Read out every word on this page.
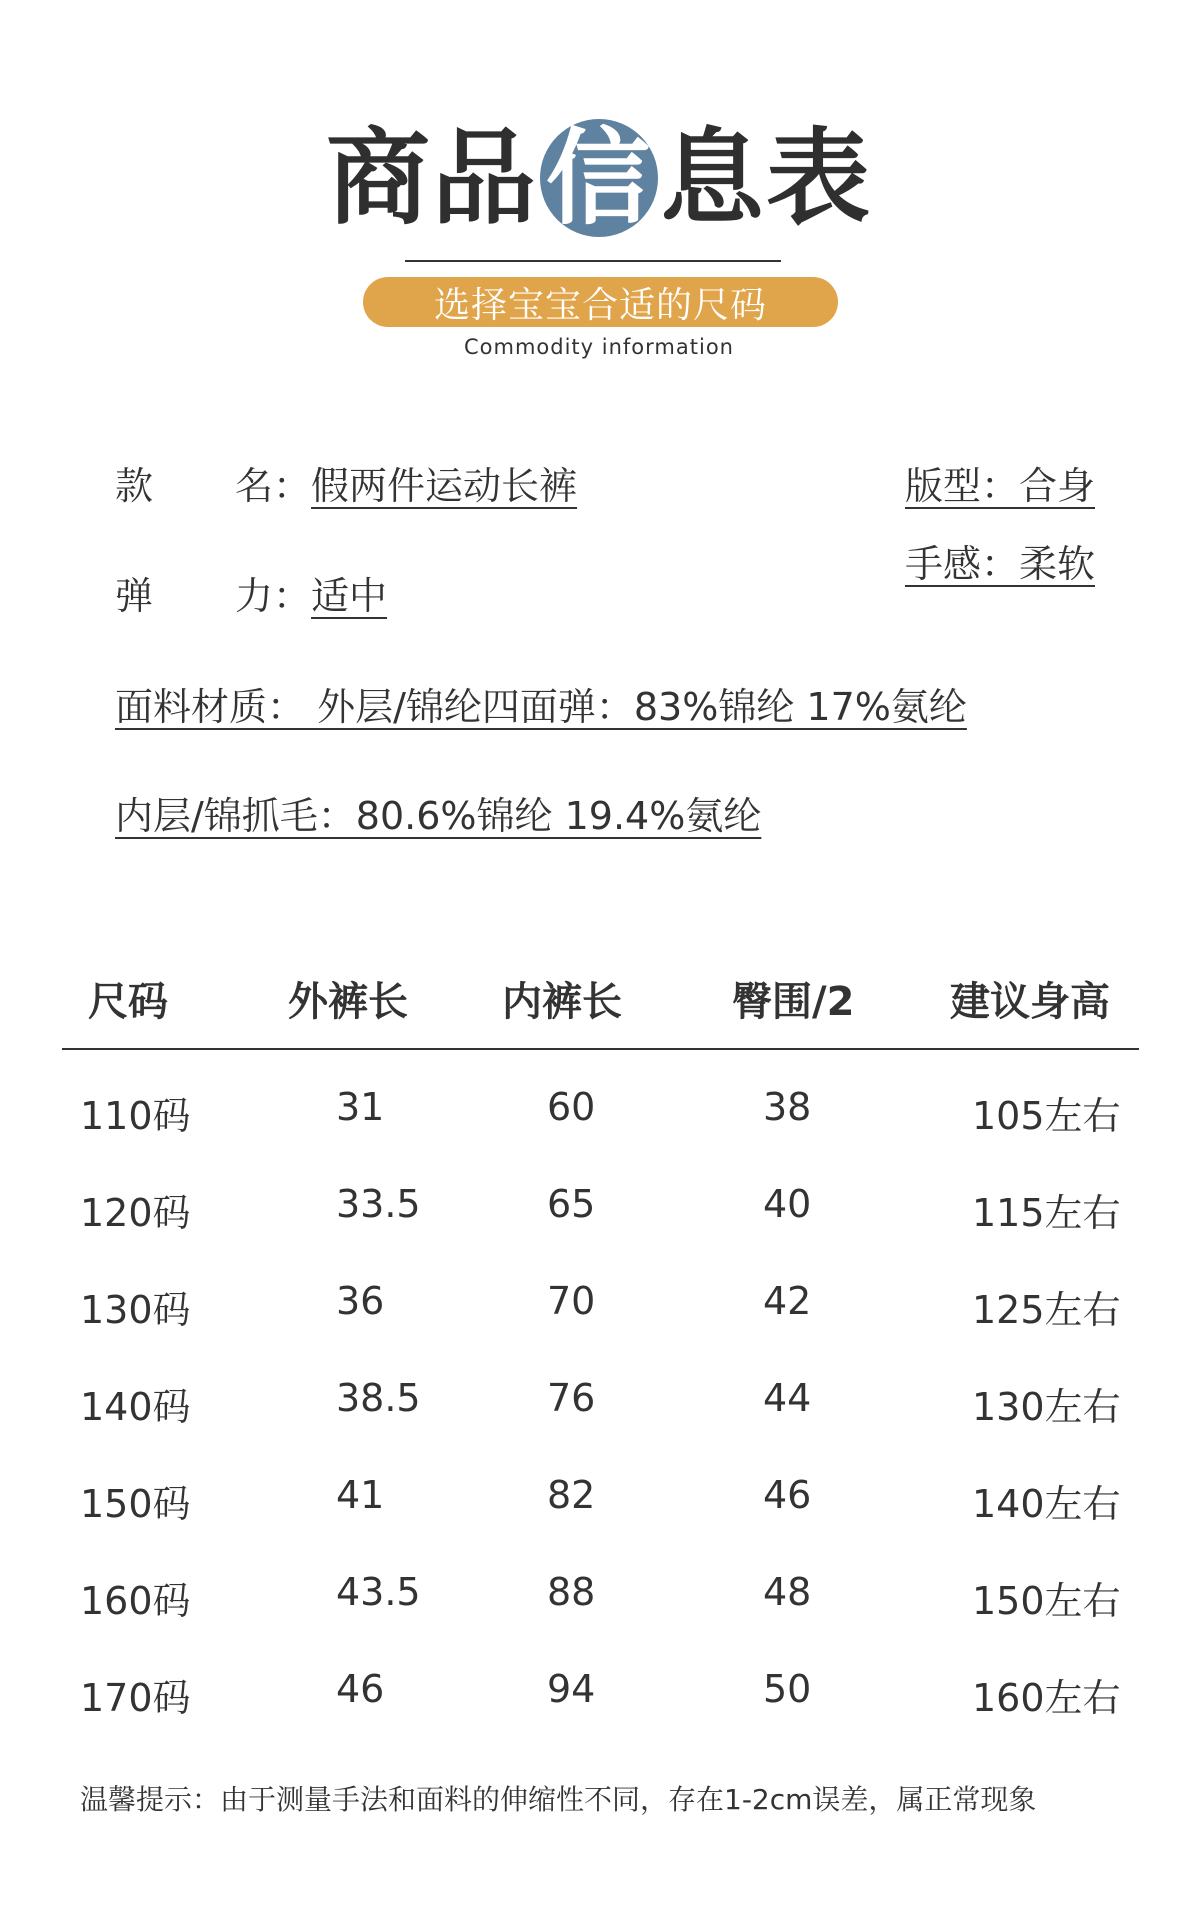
商 品 信 息 表
选择宝宝合适的尺码
Commodity information
款 名：假两件运动长裤
弹 力：适中
版型：合身
手感：柔软
面料材质： 外层/锦纶四面弹：83%锦纶 17%氨纶
内层/锦抓毛：80.6%锦纶 19.4%氨纶
尺码	外裤长 内裤长	臀围/2 建议身高
110码	31	60	38	105左右
120码	33.5	65	40	115左右
130码	36	70	42	125左右
140码	38.5	76	44	130左右
150码	41	82	46	140左右
160码	43.5	88	48	150左右
170码	46	94	50	160左右
温馨提示：由于测量手法和面料的伸缩性不同，存在1-2cm误差，属正常现象
